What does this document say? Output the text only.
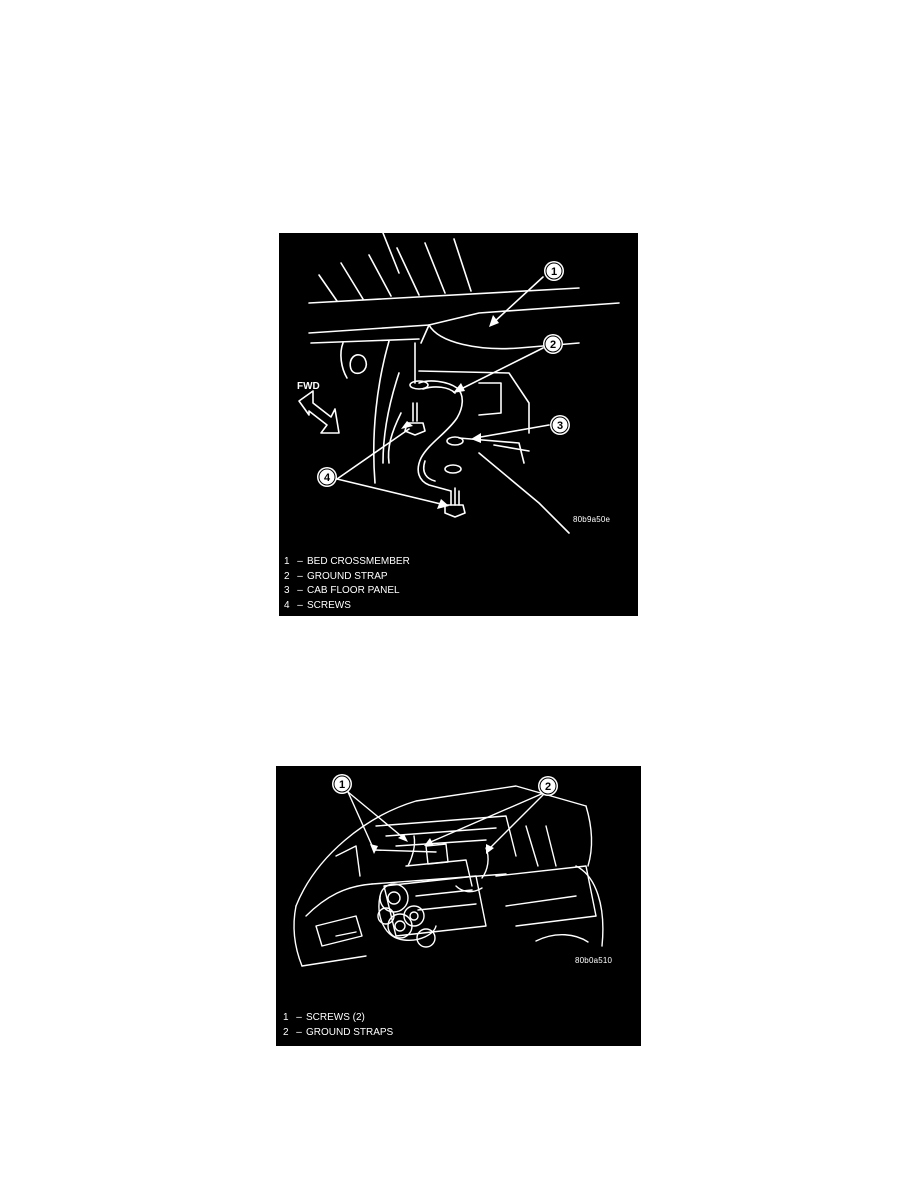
FWD
1
2
3
4
80b9a50e
1 – BED CROSSMEMBER
2 – GROUND STRAP
3 – CAB FLOOR PANEL
4 – SCREWS
1	2
80b0a510
1 – SCREWS (2)
2 – GROUND STRAPS
